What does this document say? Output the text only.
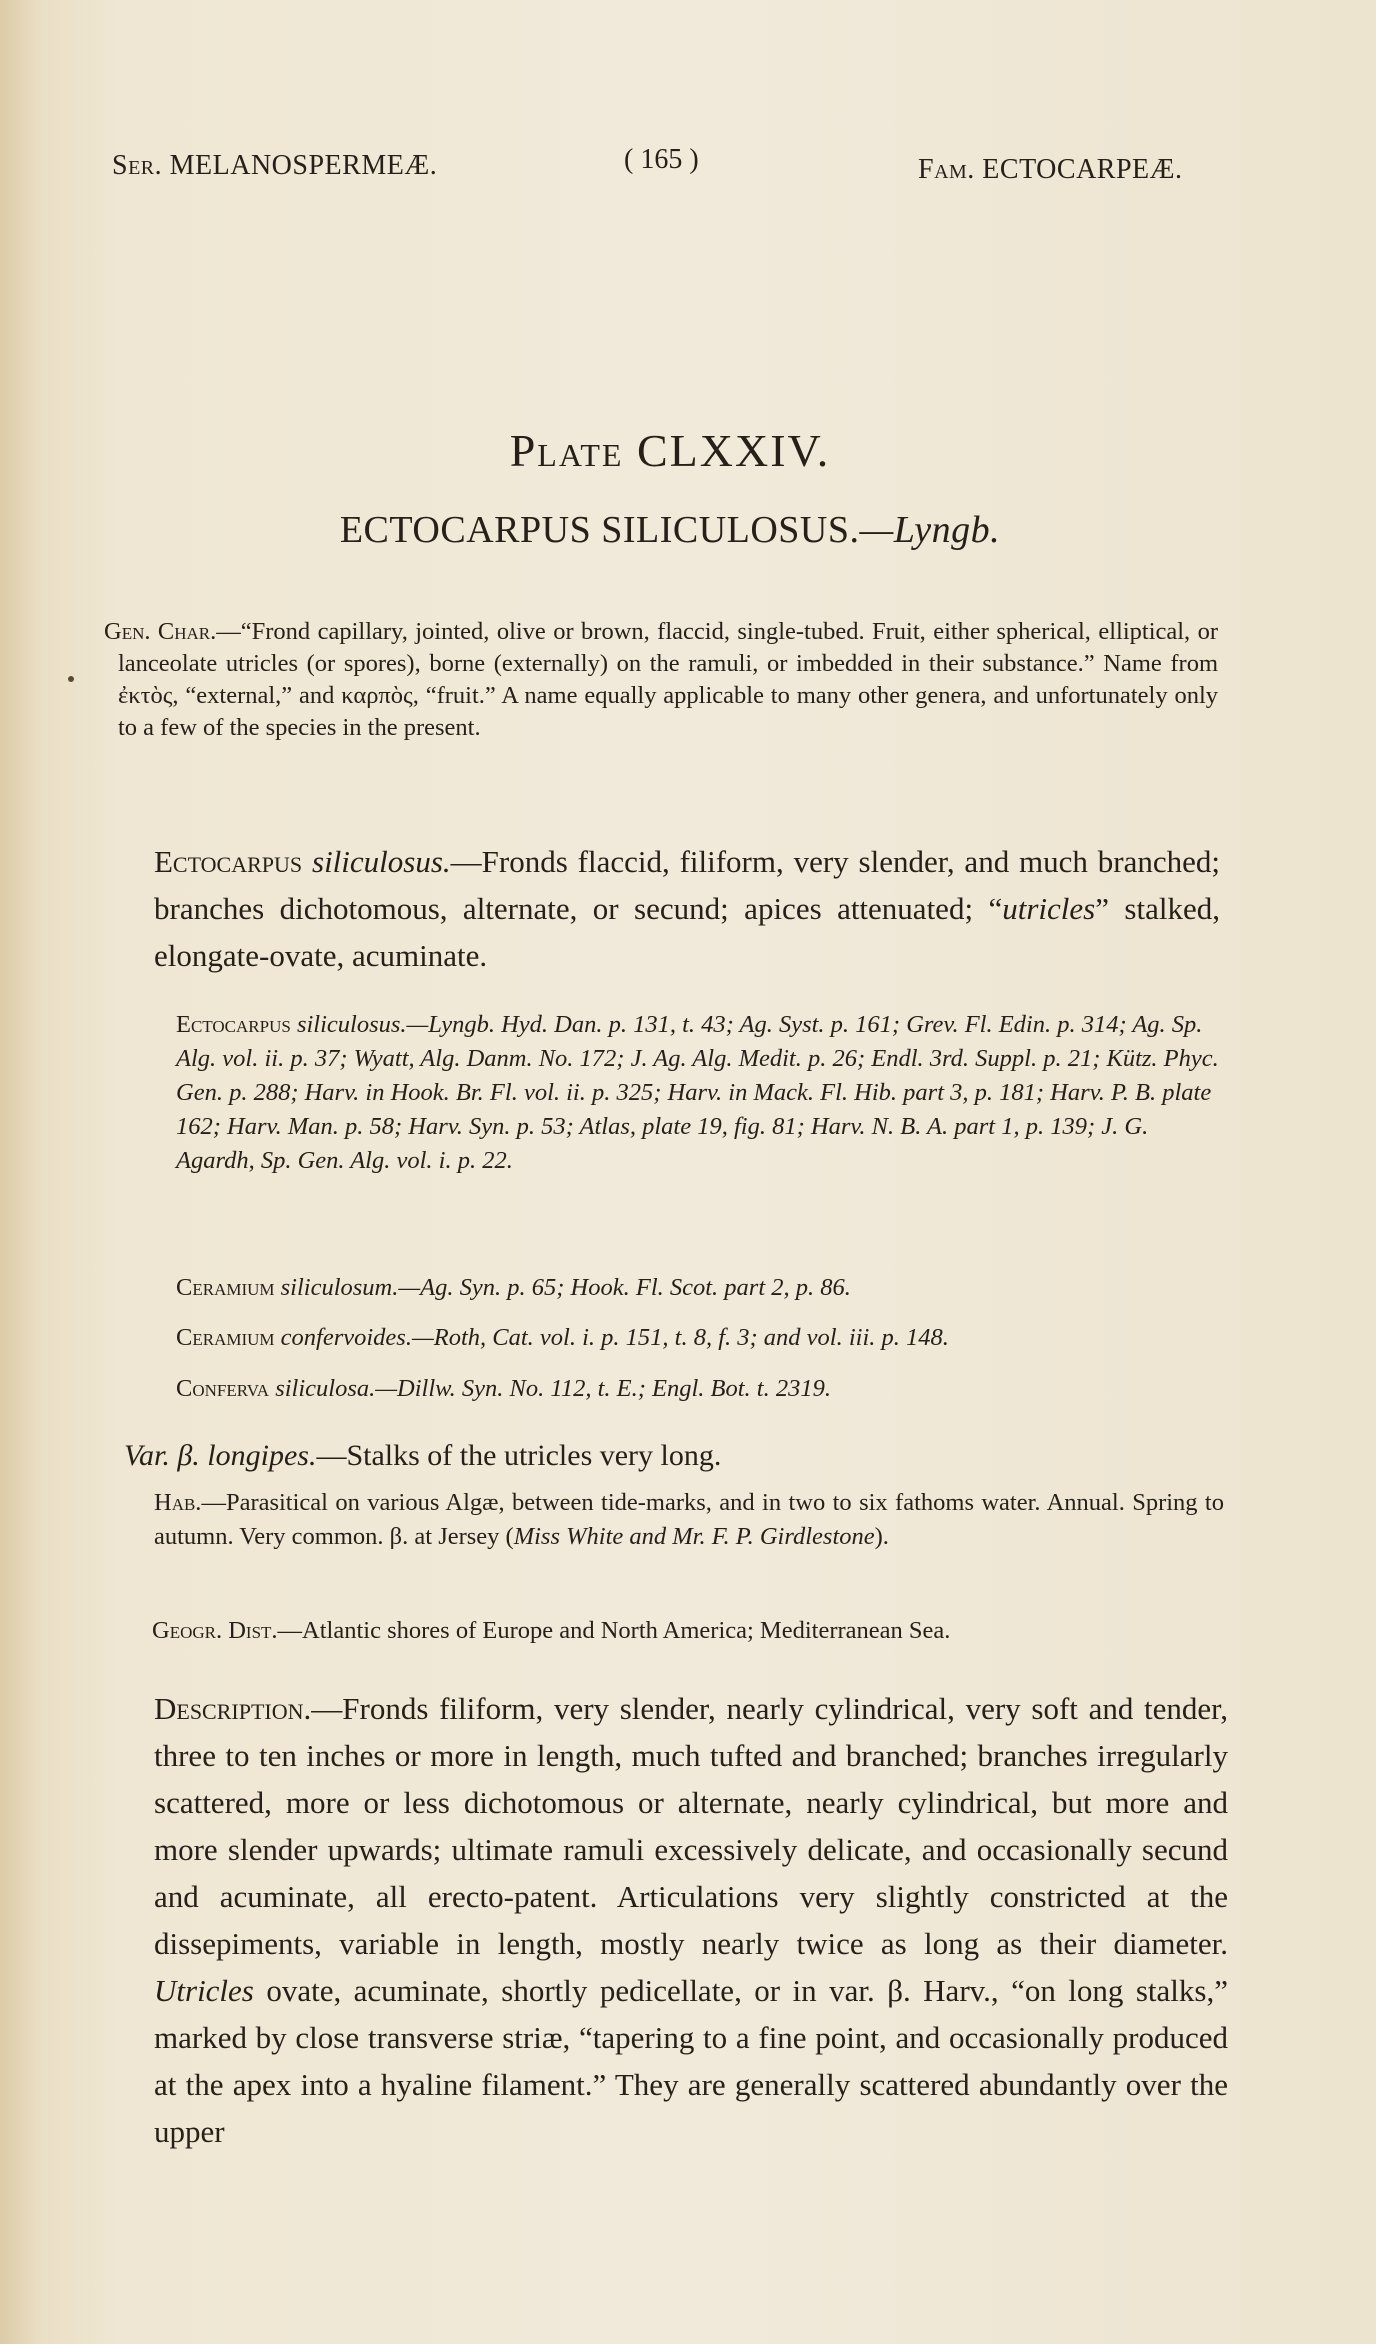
Ser. MELANOSPERMEÆ.	( 165 )	Fam. ECTOCARPEÆ.
Plate CLXXIV.
ECTOCARPUS SILICULOSUS.—Lyngb.
Gen. Char.—“Frond capillary, jointed, olive or brown, flaccid, single-tubed. Fruit, either spherical, elliptical, or lanceolate utricles (or spores), borne (externally) on the ramuli, or imbedded in their substance.” Name from ἐκτὸς, “external,” and καρπὸς, “fruit.” A name equally applicable to many other genera, and unfortunately only to a few of the species in the present.
Ectocarpus siliculosus.—Fronds flaccid, filiform, very slender, and much branched; branches dichotomous, alternate, or secund; apices attenuated; “utricles” stalked, elongate-ovate, acuminate.
Ectocarpus siliculosus.—Lyngb. Hyd. Dan. p. 131, t. 43; Ag. Syst. p. 161; Grev. Fl. Edin. p. 314; Ag. Sp. Alg. vol. ii. p. 37; Wyatt, Alg. Danm. No. 172; J. Ag. Alg. Medit. p. 26; Endl. 3rd. Suppl. p. 21; Kütz. Phyc. Gen. p. 288; Harv. in Hook. Br. Fl. vol. ii. p. 325; Harv. in Mack. Fl. Hib. part 3, p. 181; Harv. P. B. plate 162; Harv. Man. p. 58; Harv. Syn. p. 53; Atlas, plate 19, fig. 81; Harv. N. B. A. part 1, p. 139; J. G. Agardh, Sp. Gen. Alg. vol. i. p. 22.
Ceramium siliculosum.—Ag. Syn. p. 65; Hook. Fl. Scot. part 2, p. 86.
Ceramium confervoides.—Roth, Cat. vol. i. p. 151, t. 8, f. 3; and vol. iii. p. 148.
Conferva siliculosa.—Dillw. Syn. No. 112, t. E.; Engl. Bot. t. 2319.
Var. β. longipes.—Stalks of the utricles very long.
Hab.—Parasitical on various Algæ, between tide-marks, and in two to six fathoms water. Annual. Spring to autumn. Very common. β. at Jersey (Miss White and Mr. F. P. Girdlestone).
Geogr. Dist.—Atlantic shores of Europe and North America; Mediterranean Sea.
Description.—Fronds filiform, very slender, nearly cylindrical, very soft and tender, three to ten inches or more in length, much tufted and branched; branches irregularly scattered, more or less dichotomous or alternate, nearly cylindrical, but more and more slender upwards; ultimate ramuli excessively delicate, and occasionally secund and acuminate, all erecto-patent. Articulations very slightly constricted at the dissepiments, variable in length, mostly nearly twice as long as their diameter. Utricles ovate, acuminate, shortly pedicellate, or in var. β. Harv., “on long stalks,” marked by close transverse striæ, “tapering to a fine point, and occasionally produced at the apex into a hyaline filament.” They are generally scattered abundantly over the upper
